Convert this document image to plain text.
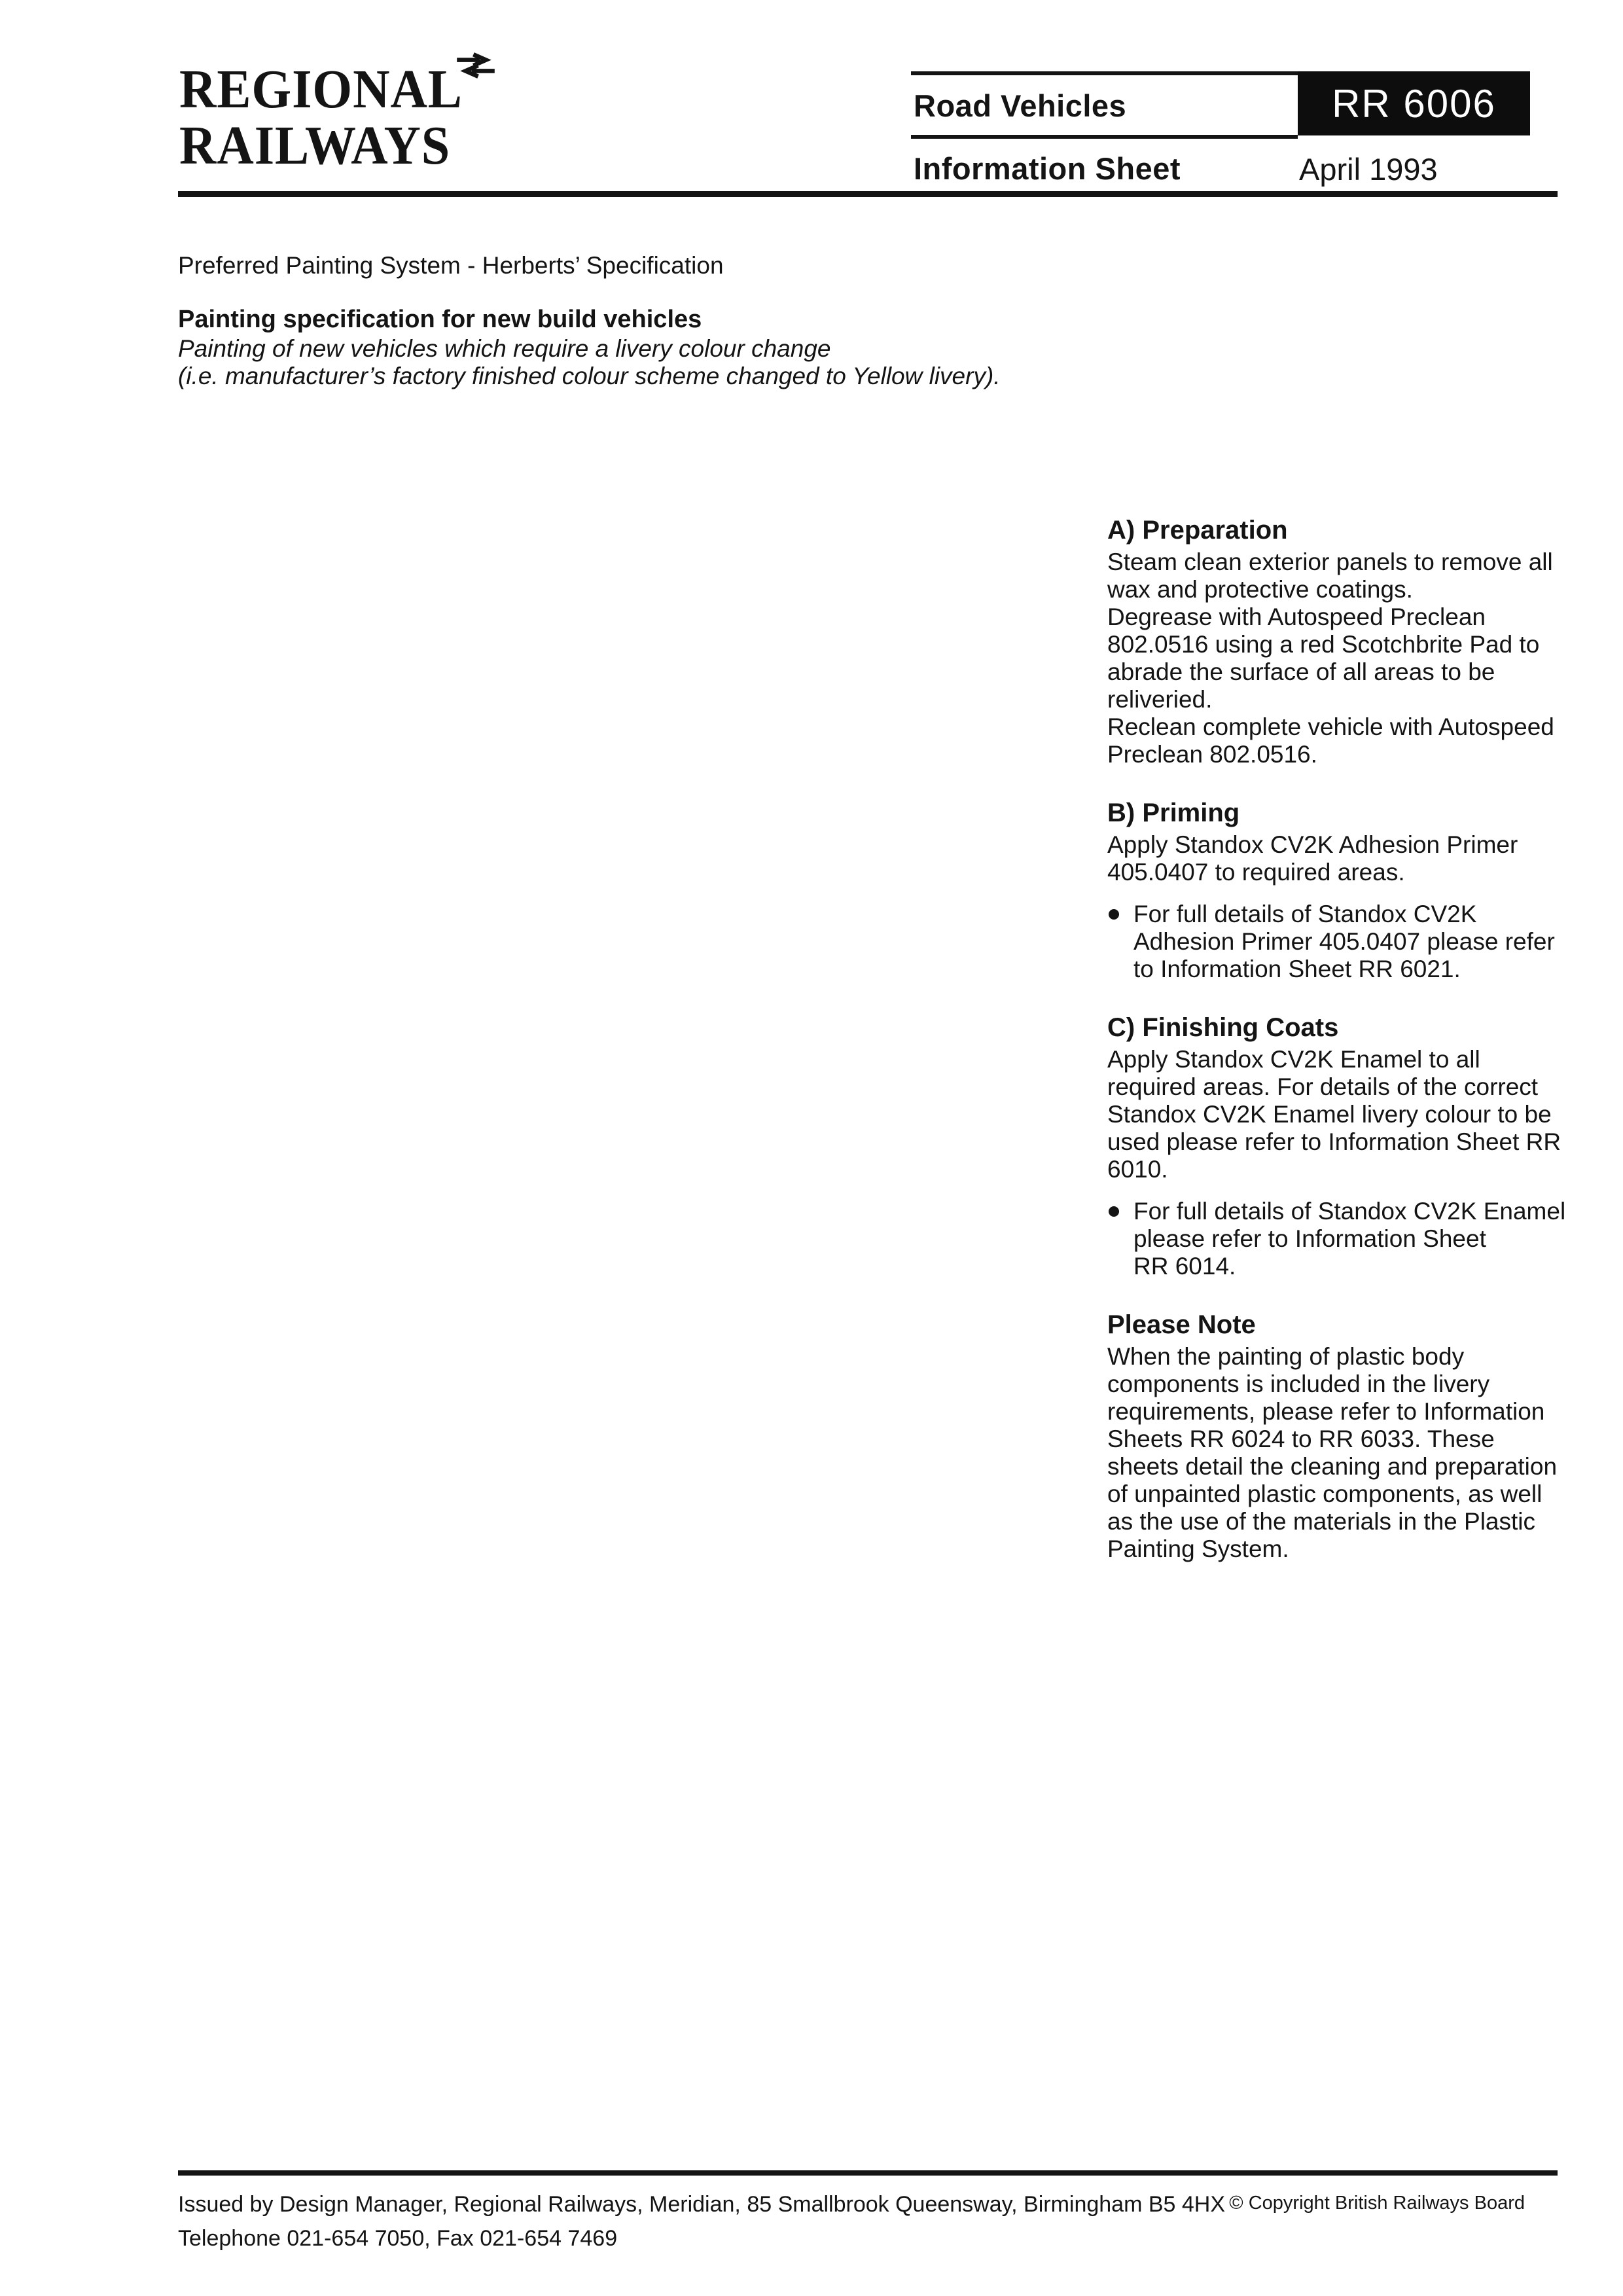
REGIONAL
RAILWAYS
Road Vehicles	RR 6006
Information Sheet	April 1993

Preferred Painting System - Herberts’ Specification

Painting specification for new build vehicles

Painting of new vehicles which require a livery colour change
(i.e. manufacturer’s factory finished colour scheme changed to Yellow livery).

A) Preparation

Steam clean exterior panels to remove all wax and protective coatings.

Degrease with Autospeed Preclean 802.0516 using a red Scotchbrite Pad to abrade the surface of all areas to be reliveried.

Reclean complete vehicle with Autospeed Preclean 802.0516.

B) Priming

Apply Standox CV2K Adhesion Primer 405.0407 to required areas.

For full details of Standox CV2K Adhesion Primer 405.0407 please refer to Information Sheet RR 6021.
C) Finishing Coats

Apply Standox CV2K Enamel to all required areas. For details of the correct Standox CV2K Enamel livery colour to be used please refer to Information Sheet RR 6010.

For full details of Standox CV2K Enamel please refer to Information Sheet RR 6014.
Please Note

When the painting of plastic body components is included in the livery requirements, please refer to Information Sheets RR 6024 to RR 6033. These sheets detail the cleaning and preparation of unpainted plastic components, as well as the use of the materials in the Plastic Painting System.

Issued by Design Manager, Regional Railways, Meridian, 85 Smallbrook Queensway, Birmingham B5 4HX
Telephone 021-654 7050, Fax 021-654 7469

© Copyright British Railways Board
